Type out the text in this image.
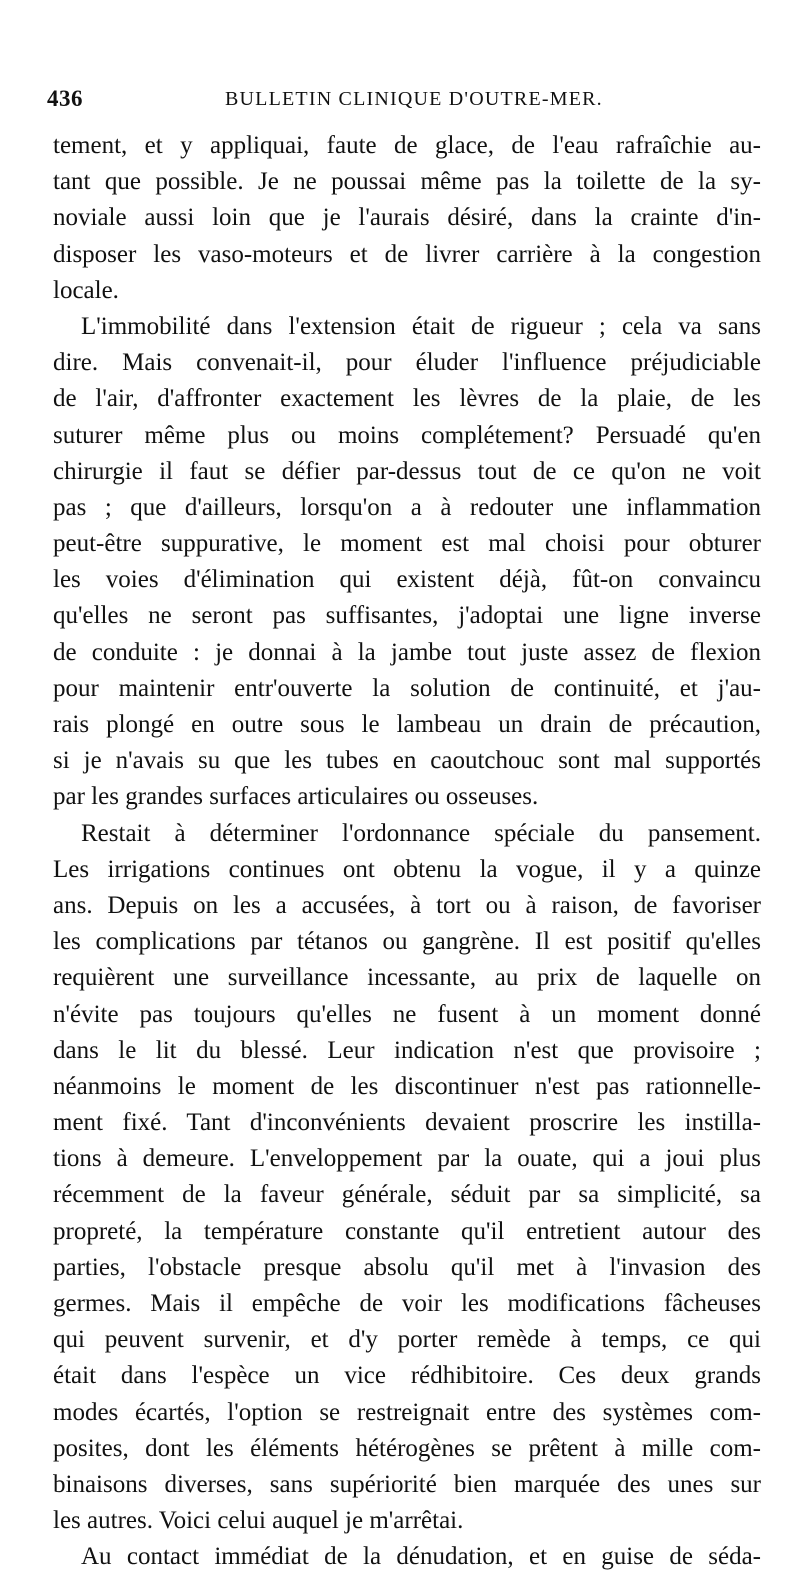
436	BULLETIN CLINIQUE D'OUTRE-MER.
tement, et y appliquai, faute de glace, de l'eau rafraîchie au-
tant que possible. Je ne poussai même pas la toilette de la sy-
noviale aussi loin que je l'aurais désiré, dans la crainte d'in-
disposer les vaso-moteurs et de livrer carrière à la congestion
locale.
L'immobilité dans l'extension était de rigueur ; cela va sans
dire. Mais convenait-il, pour éluder l'influence préjudiciable
de l'air, d'affronter exactement les lèvres de la plaie, de les
suturer même plus ou moins complétement? Persuadé qu'en
chirurgie il faut se défier par-dessus tout de ce qu'on ne voit
pas ; que d'ailleurs, lorsqu'on a à redouter une inflammation
peut-être suppurative, le moment est mal choisi pour obturer
les voies d'élimination qui existent déjà, fût-on convaincu
qu'elles ne seront pas suffisantes, j'adoptai une ligne inverse
de conduite : je donnai à la jambe tout juste assez de flexion
pour maintenir entr'ouverte la solution de continuité, et j'au-
rais plongé en outre sous le lambeau un drain de précaution,
si je n'avais su que les tubes en caoutchouc sont mal supportés
par les grandes surfaces articulaires ou osseuses.
Restait à déterminer l'ordonnance spéciale du pansement.
Les irrigations continues ont obtenu la vogue, il y a quinze
ans. Depuis on les a accusées, à tort ou à raison, de favoriser
les complications par tétanos ou gangrène. Il est positif qu'elles
requièrent une surveillance incessante, au prix de laquelle on
n'évite pas toujours qu'elles ne fusent à un moment donné
dans le lit du blessé. Leur indication n'est que provisoire ;
néanmoins le moment de les discontinuer n'est pas rationnelle-
ment fixé. Tant d'inconvénients devaient proscrire les instilla-
tions à demeure. L'enveloppement par la ouate, qui a joui plus
récemment de la faveur générale, séduit par sa simplicité, sa
propreté, la température constante qu'il entretient autour des
parties, l'obstacle presque absolu qu'il met à l'invasion des
germes. Mais il empêche de voir les modifications fâcheuses
qui peuvent survenir, et d'y porter remède à temps, ce qui
était dans l'espèce un vice rédhibitoire. Ces deux grands
modes écartés, l'option se restreignait entre des systèmes com-
posites, dont les éléments hétérogènes se prêtent à mille com-
binaisons diverses, sans supériorité bien marquée des unes sur
les autres. Voici celui auquel je m'arrêtai.
Au contact immédiat de la dénudation, et en guise de séda-
